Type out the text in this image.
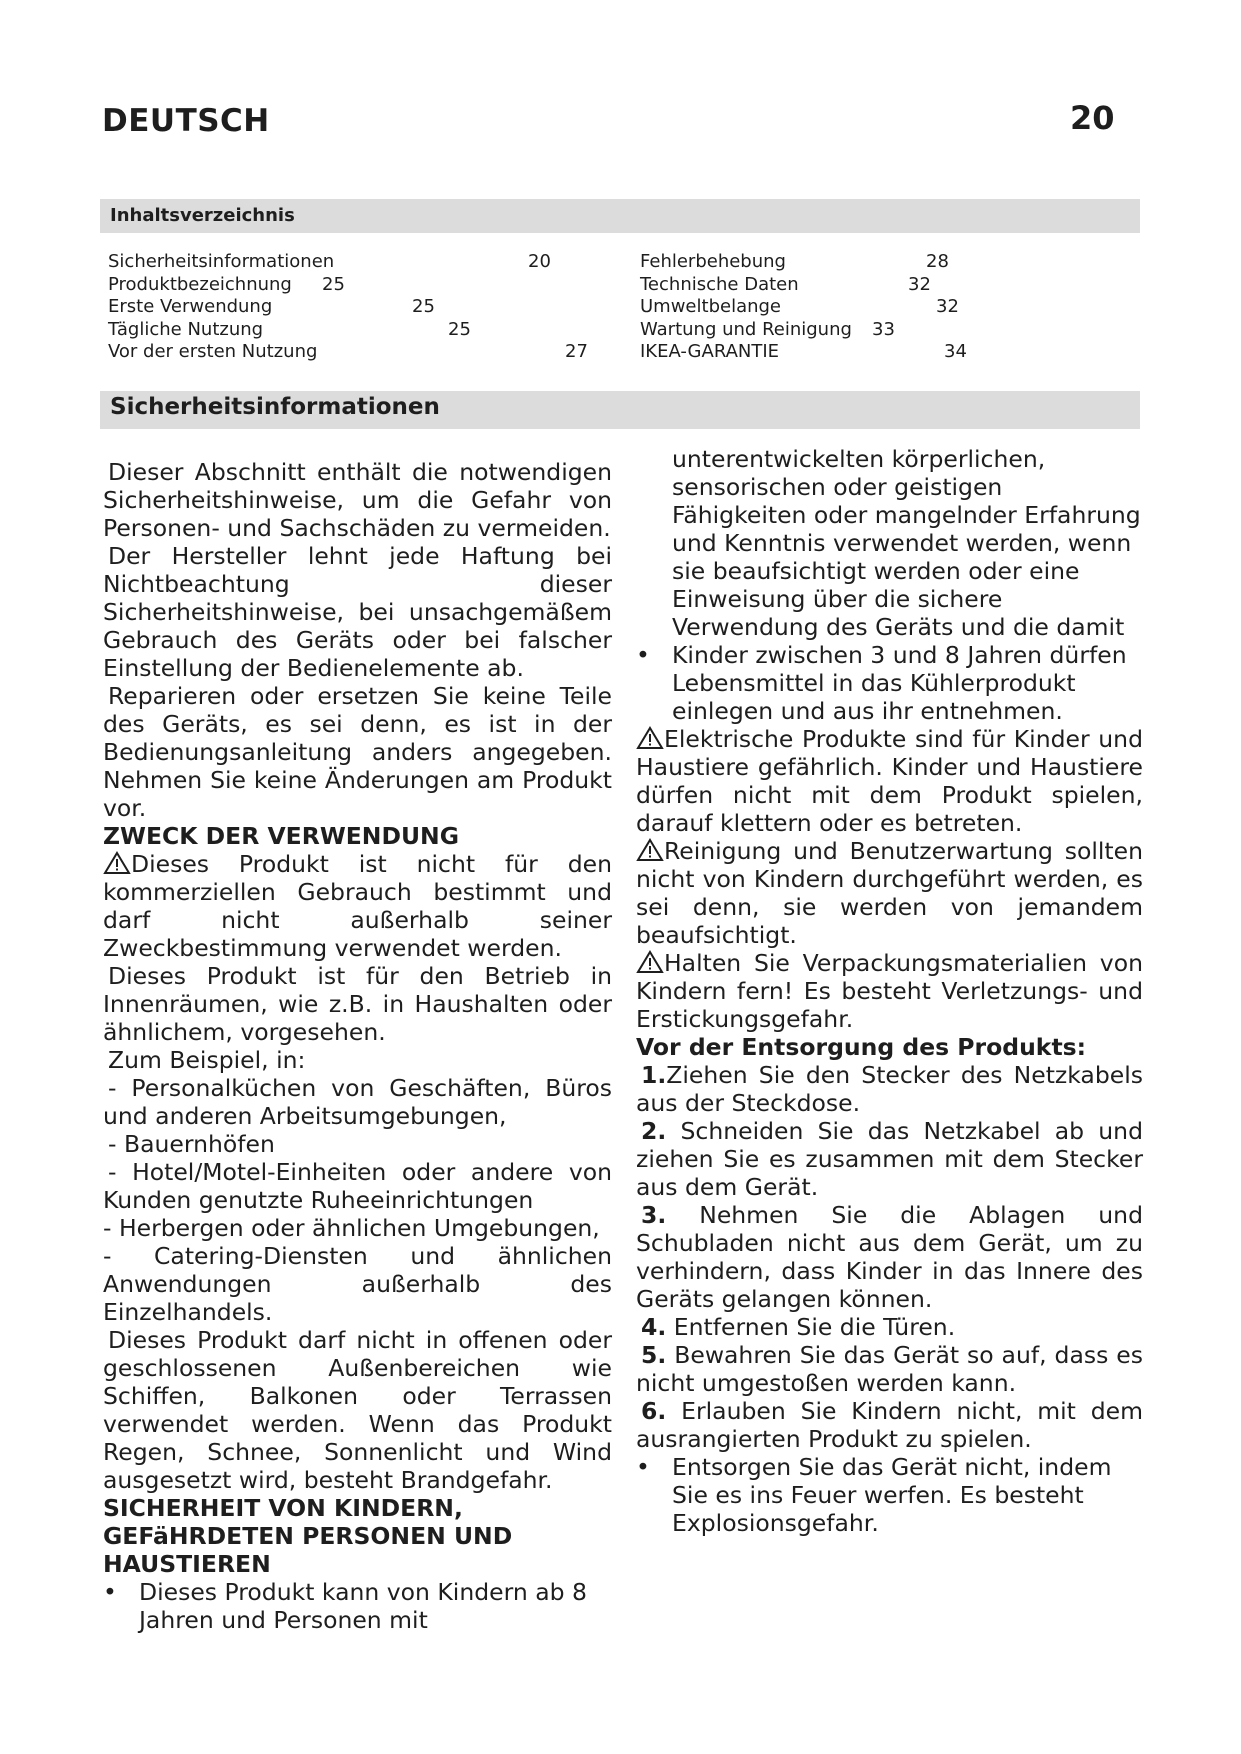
DEUTSCH	20
Inhaltsverzeichnis
Sicherheitsinformationen	20
Produktbezeichnung 25
Erste Verwendung	25
Tägliche Nutzung	25
Vor der ersten Nutzung	27
Fehlerbehebung	28
Technische Daten	32
Umweltbelange	32
Wartung und Reinigung 33
IKEA-GARANTIE	34
Sicherheitsinformationen

Dieser Abschnitt enthält die notwendigen Sicherheitshinweise, um die Gefahr von Personen- und Sachschäden zu vermeiden.

Der Hersteller lehnt jede Haftung bei Nichtbeachtung dieser Sicherheitshinweise, bei unsachgemäßem Gebrauch des Geräts oder bei falscher Einstellung der Bedienelemente ab.

Reparieren oder ersetzen Sie keine Teile des Geräts, es sei denn, es ist in der Bedienungsanleitung anders angegeben. Nehmen Sie keine Änderungen am Produkt vor.

ZWECK DER VERWENDUNG

Dieses Produkt ist nicht für den kommerziellen Gebrauch bestimmt und darf nicht außerhalb seiner Zweckbestimmung verwendet werden.

Dieses Produkt ist für den Betrieb in Innenräumen, wie z.B. in Haushalten oder ähnlichem, vorgesehen.

Zum Beispiel, in:

- Personalküchen von Geschäften, Büros und anderen Arbeitsumgebungen,

- Bauernhöfen

- Hotel/Motel-Einheiten oder andere von Kunden genutzte Ruheeinrichtungen

- Herbergen oder ähnlichen Umgebungen,

- Catering-Diensten und ähnlichen Anwendungen außerhalb des Einzelhandels.

Dieses Produkt darf nicht in offenen oder geschlossenen Außenbereichen wie Schiffen, Balkonen oder Terrassen verwendet werden. Wenn das Produkt Regen, Schnee, Sonnenlicht und Wind ausgesetzt wird, besteht Brandgefahr.

SICHERHEIT VON KINDERN, GEFäHRDETEN PERSONEN UND HAUSTIEREN

• Dieses Produkt kann von Kindern ab 8 Jahren und Personen mit

unterentwickelten körperlichen, sensorischen oder geistigen Fähigkeiten oder mangelnder Erfahrung und Kenntnis verwendet werden, wenn sie beaufsichtigt werden oder eine Einweisung über die sichere Verwendung des Geräts und die damit

• Kinder zwischen 3 und 8 Jahren dürfen Lebensmittel in das Kühlerprodukt einlegen und aus ihr entnehmen.

Elektrische Produkte sind für Kinder und Haustiere gefährlich. Kinder und Haustiere dürfen nicht mit dem Produkt spielen, darauf klettern oder es betreten.

Reinigung und Benutzerwartung sollten nicht von Kindern durchgeführt werden, es sei denn, sie werden von jemandem beaufsichtigt.

Halten Sie Verpackungsmaterialien von Kindern fern! Es besteht Verletzungs- und Erstickungsgefahr.

Vor der Entsorgung des Produkts:

1.Ziehen Sie den Stecker des Netzkabels aus der Steckdose.

2. Schneiden Sie das Netzkabel ab und ziehen Sie es zusammen mit dem Stecker aus dem Gerät.

3. Nehmen Sie die Ablagen und Schubladen nicht aus dem Gerät, um zu verhindern, dass Kinder in das Innere des Geräts gelangen können.

4. Entfernen Sie die Türen.

5. Bewahren Sie das Gerät so auf, dass es nicht umgestoßen werden kann.

6. Erlauben Sie Kindern nicht, mit dem ausrangierten Produkt zu spielen.

• Entsorgen Sie das Gerät nicht, indem Sie es ins Feuer werfen. Es besteht Explosionsgefahr.
